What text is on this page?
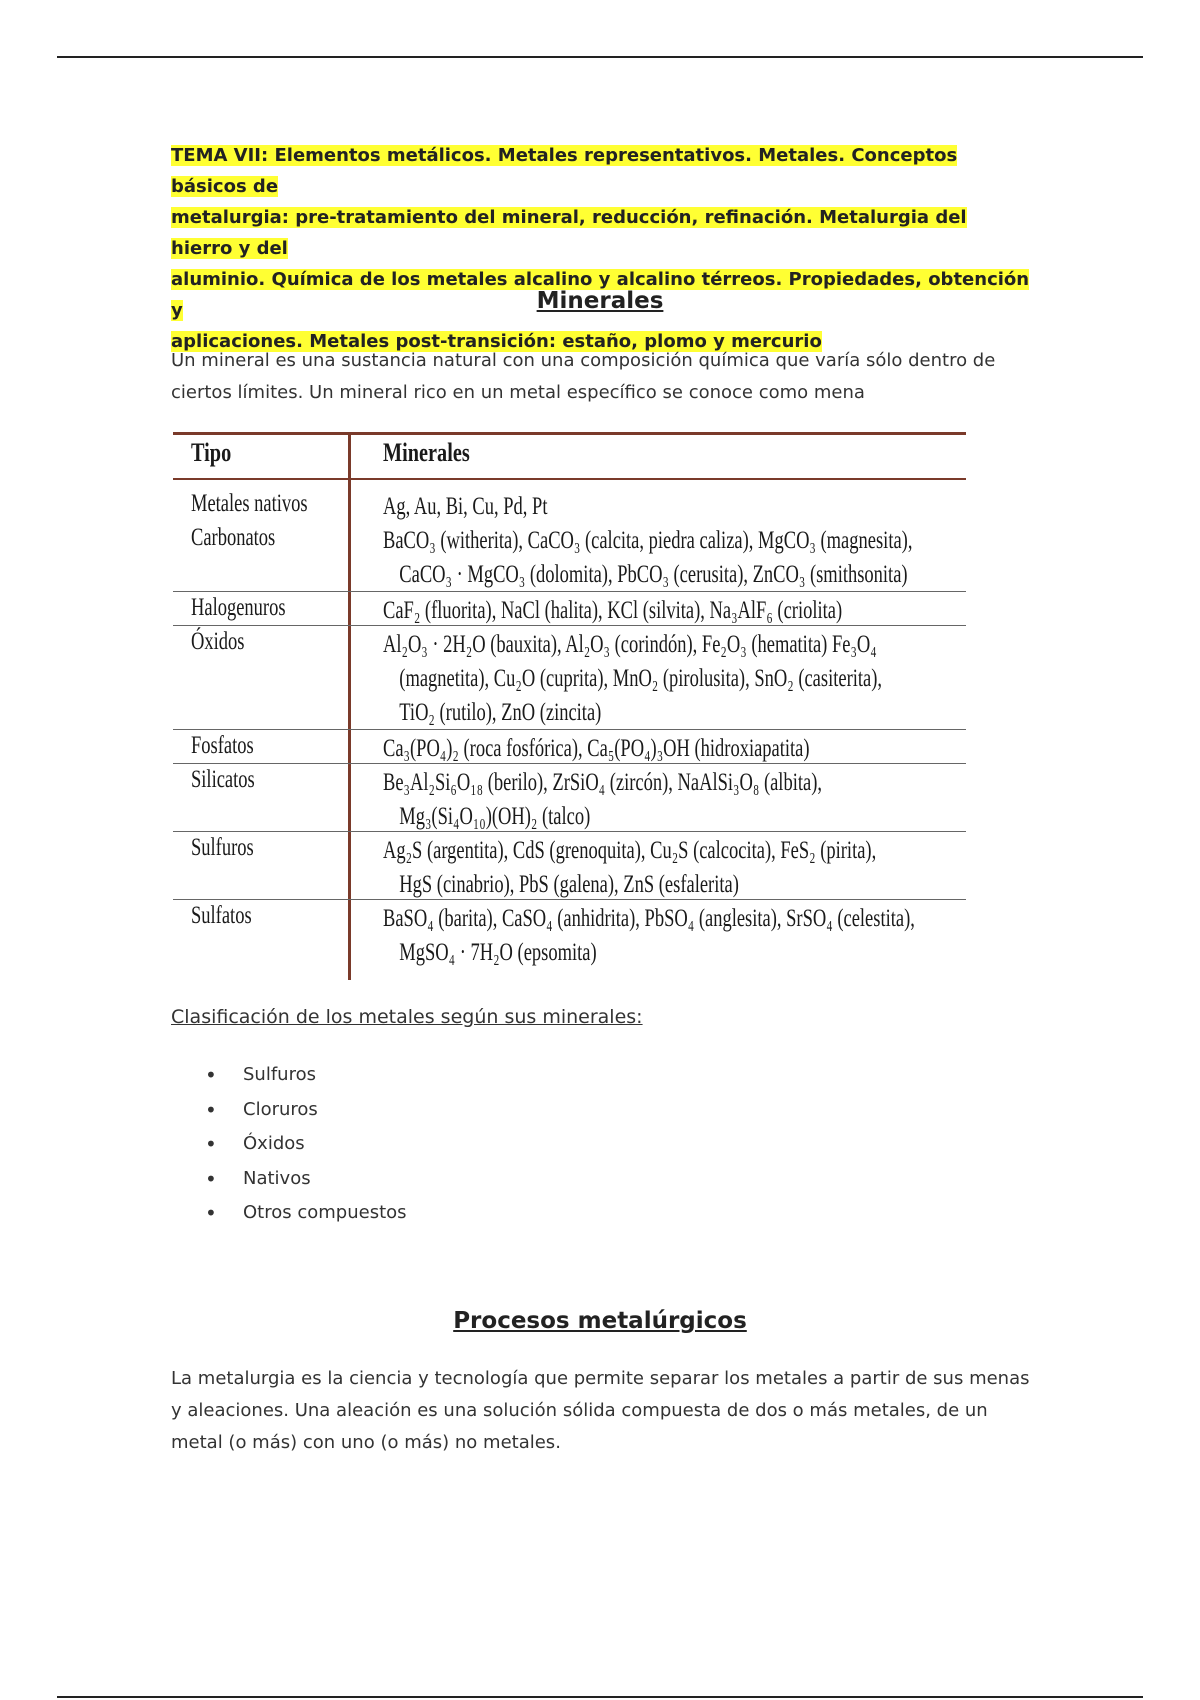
TEMA VII: Elementos metálicos. Metales representativos. Metales. Conceptos básicos de
metalurgia: pre-tratamiento del mineral, reducción, refinación. Metalurgia del hierro y del
aluminio. Química de los metales alcalino y alcalino térreos. Propiedades, obtención y
aplicaciones. Metales post-transición: estaño, plomo y mercurio

Minerales

Un mineral es una sustancia natural con una composición química que varía sólo dentro de
ciertos límites. Un mineral rico en un metal específico se conoce como mena

Tipo	Minerales
Metales nativos	Ag, Au, Bi, Cu, Pd, Pt
Carbonatos	BaCO₃ (witherita), CaCO₃ (calcita, piedra caliza), MgCO₃ (magnesita),
CaCO₃ · MgCO₃ (dolomita), PbCO₃ (cerusita), ZnCO₃ (smithsonita)
Halogenuros	CaF₂ (fluorita), NaCl (halita), KCl (silvita), Na₃AlF₆ (criolita)
Óxidos	Al₂O₃ · 2H₂O (bauxita), Al₂O₃ (corindón), Fe₂O₃ (hematita) Fe₃O₄
(magnetita), Cu₂O (cuprita), MnO₂ (pirolusita), SnO₂ (casiterita),
TiO₂ (rutilo), ZnO (zincita)
Fosfatos	Ca₃(PO₄)₂ (roca fosfórica), Ca₅(PO₄)₃OH (hidroxiapatita)
Silicatos	Be₃Al₂Si₆O₁₈ (berilo), ZrSiO₄ (zircón), NaAlSi₃O₈ (albita),
Mg₃(Si₄O₁₀)(OH)₂ (talco)
Sulfuros	Ag₂S (argentita), CdS (grenoquita), Cu₂S (calcocita), FeS₂ (pirita),
HgS (cinabrio), PbS (galena), ZnS (esfalerita)
Sulfatos	BaSO₄ (barita), CaSO₄ (anhidrita), PbSO₄ (anglesita), SrSO₄ (celestita),
MgSO₄ · 7H₂O (epsomita)

Clasificación de los metales según sus minerales:

• Sulfuros
• Cloruros
• Óxidos
• Nativos
• Otros compuestos
Procesos metalúrgicos

La metalurgia es la ciencia y tecnología que permite separar los metales a partir de sus menas
y aleaciones. Una aleación es una solución sólida compuesta de dos o más metales, de un
metal (o más) con uno (o más) no metales.
